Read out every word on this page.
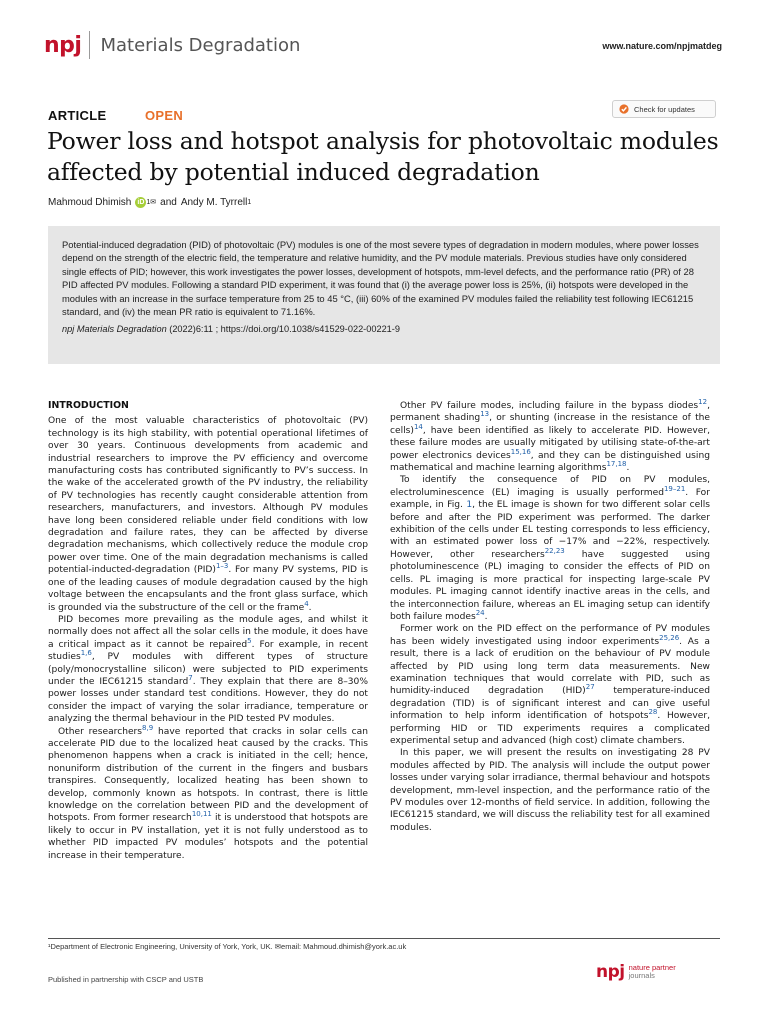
npj Materials Degradation	www.nature.com/npjmatdeg
ARTICLE	OPEN	Check for updates
Power loss and hotspot analysis for photovoltaic modules affected by potential induced degradation
Mahmoud Dhimish iD 1✉ and Andy M. Tyrrell 1

Potential-induced degradation (PID) of photovoltaic (PV) modules is one of the most severe types of degradation in modern modules, where power losses depend on the strength of the electric field, the temperature and relative humidity, and the PV module materials. Previous studies have only considered single effects of PID; however, this work investigates the power losses, development of hotspots, mm-level defects, and the performance ratio (PR) of 28 PID affected PV modules. Following a standard PID experiment, it was found that (i) the average power loss is 25%, (ii) hotspots were developed in the modules with an increase in the surface temperature from 25 to 45 °C, (iii) 60% of the examined PV modules failed the reliability test following IEC61215 standard, and (iv) the mean PR ratio is equivalent to 71.16%.

npj Materials Degradation (2022)6:11 ; https://doi.org/10.1038/s41529-022-00221-9
INTRODUCTION

One of the most valuable characteristics of photovoltaic (PV) technology is its high stability, with potential operational lifetimes of over 30 years. Continuous developments from academic and industrial researchers to improve the PV efficiency and overcome manufacturing costs has contributed significantly to PV’s success. In the wake of the accelerated growth of the PV industry, the reliability of PV technologies has recently caught considerable attention from researchers, manufacturers, and investors. Although PV modules have long been considered reliable under field conditions with low degradation and failure rates, they can be affected by diverse degradation mechanisms, which collectively reduce the module crop power over time. One of the main degradation mechanisms is called potential-inducted-degradation (PID)$^{1-3}$. For many PV systems, PID is one of the leading causes of module degradation caused by the high voltage between the encapsulants and the front glass surface, which is grounded via the substructure of the cell or the frame$^4$.

PID becomes more prevailing as the module ages, and whilst it normally does not affect all the solar cells in the module, it does have a critical impact as it cannot be repaired$^5$. For example, in recent studies$^{1,6}$, PV modules with different types of structure (poly/monocrystalline silicon) were subjected to PID experiments under the IEC61215 standard$^7$. They explain that there are 8–30% power losses under standard test conditions. However, they do not consider the impact of varying the solar irradiance, temperature or analyzing the thermal behaviour in the PID tested PV modules.

Other researchers$^{8,9}$ have reported that cracks in solar cells can accelerate PID due to the localized heat caused by the cracks. This phenomenon happens when a crack is initiated in the cell; hence, nonuniform distribution of the current in the fingers and busbars transpires. Consequently, localized heating has been shown to develop, commonly known as hotspots. In contrast, there is little knowledge on the correlation between PID and the development of hotspots. From former research$^{10,11}$ it is understood that hotspots are likely to occur in PV installation, yet it is not fully understood as to whether PID impacted PV modules’ hotspots and the potential increase in their temperature.

Other PV failure modes, including failure in the bypass diodes$^{12}$, permanent shading$^{13}$, or shunting (increase in the resistance of the cells)$^{14}$, have been identified as likely to accelerate PID. However, these failure modes are usually mitigated by utilising state-of-the-art power electronics devices$^{15,16}$, and they can be distinguished using mathematical and machine learning algorithms$^{17,18}$.

To identify the consequence of PID on PV modules, electroluminescence (EL) imaging is usually performed$^{19-21}$. For example, in Fig. 1, the EL image is shown for two different solar cells before and after the PID experiment was performed. The darker exhibition of the cells under EL testing corresponds to less efficiency, with an estimated power loss of −17% and −22%, respectively. However, other researchers$^{22,23}$ have suggested using photoluminescence (PL) imaging to consider the effects of PID on cells. PL imaging is more practical for inspecting large-scale PV modules. PL imaging cannot identify inactive areas in the cells, and the interconnection failure, whereas an EL imaging setup can identify both failure modes$^{24}$.

Former work on the PID effect on the performance of PV modules has been widely investigated using indoor experiments$^{25,26}$. As a result, there is a lack of erudition on the behaviour of PV module affected by PID using long term data measurements. New examination techniques that would correlate with PID, such as humidity-induced degradation (HID)$^{27}$ temperature-induced degradation (TID) is of significant interest and can give useful information to help inform identification of hotspots$^{28}$. However, performing HID or TID experiments requires a complicated experimental setup and advanced (high cost) climate chambers.

In this paper, we will present the results on investigating 28 PV modules affected by PID. The analysis will include the output power losses under varying solar irradiance, thermal behaviour and hotspots development, mm-level inspection, and the performance ratio of the PV modules over 12-months of field service. In addition, following the IEC61215 standard, we will discuss the reliability test for all examined modules.

¹Department of Electronic Engineering, University of York, York, UK. ✉email: Mahmoud.dhimish@york.ac.uk
Published in partnership with CSCP and USTB	npj nature partner
journals
